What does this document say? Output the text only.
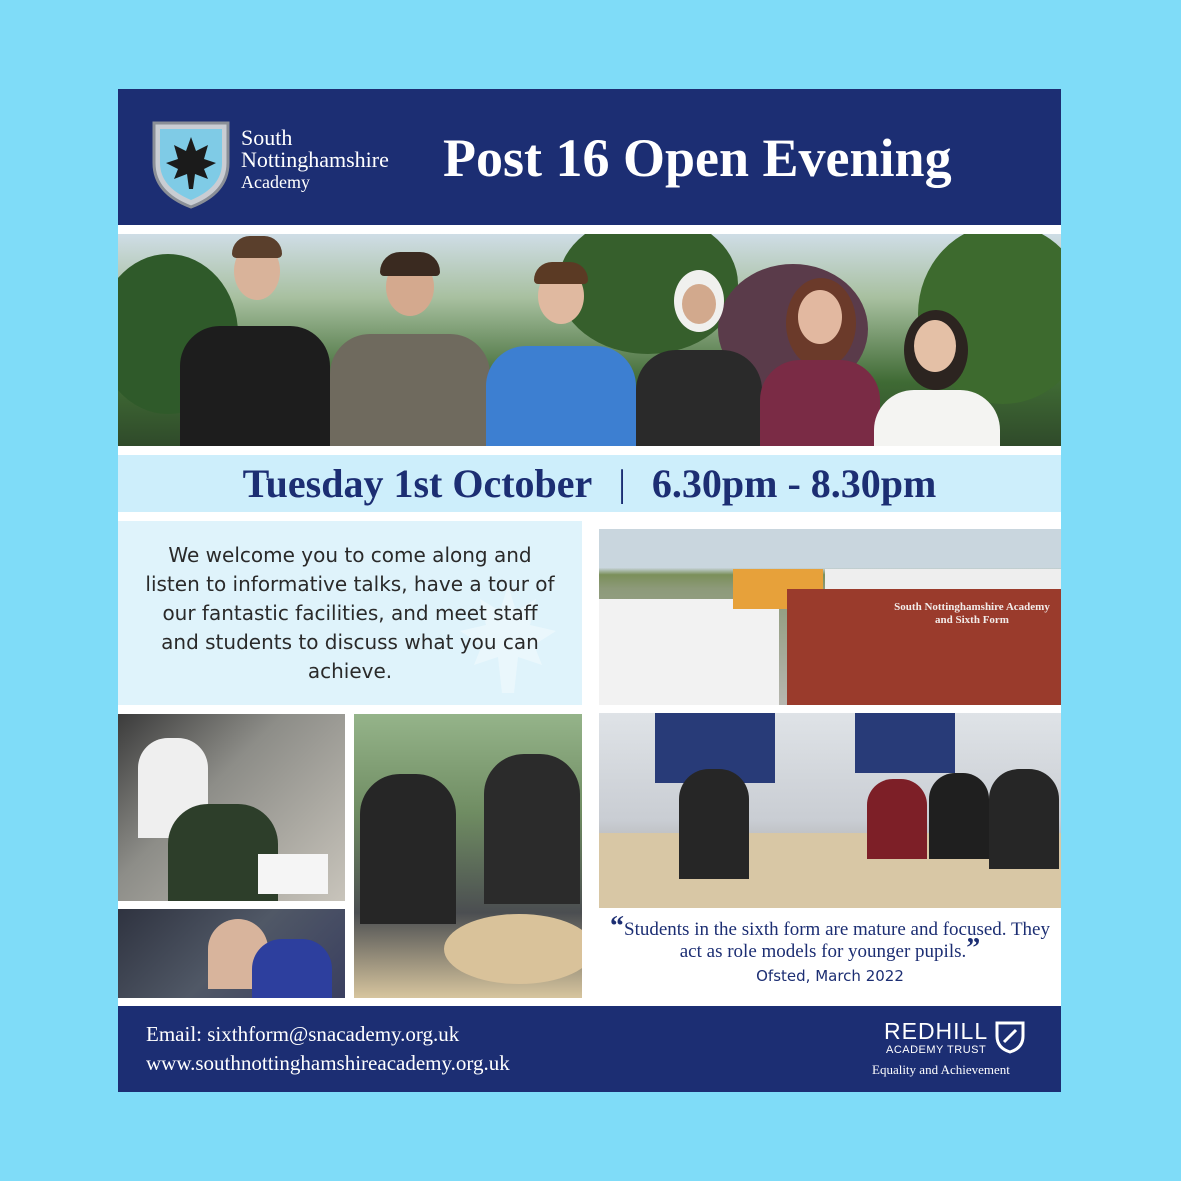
South
Nottinghamshire
Academy	Post 16 Open Evening
Tuesday 1st October | 6.30pm - 8.30pm
We welcome you to come along and listen to informative talks, have a tour of our fantastic facilities, and meet staff and students to discuss what you can achieve.
South Nottinghamshire Academy
and Sixth Form
“Students in the sixth form are mature and focused. They act as role models for younger pupils.”
Ofsted, March 2022
Email: sixthform@snacademy.org.uk
www.southnottinghamshireacademy.org.uk
REDHILL
ACADEMY TRUST
Equality and Achievement
